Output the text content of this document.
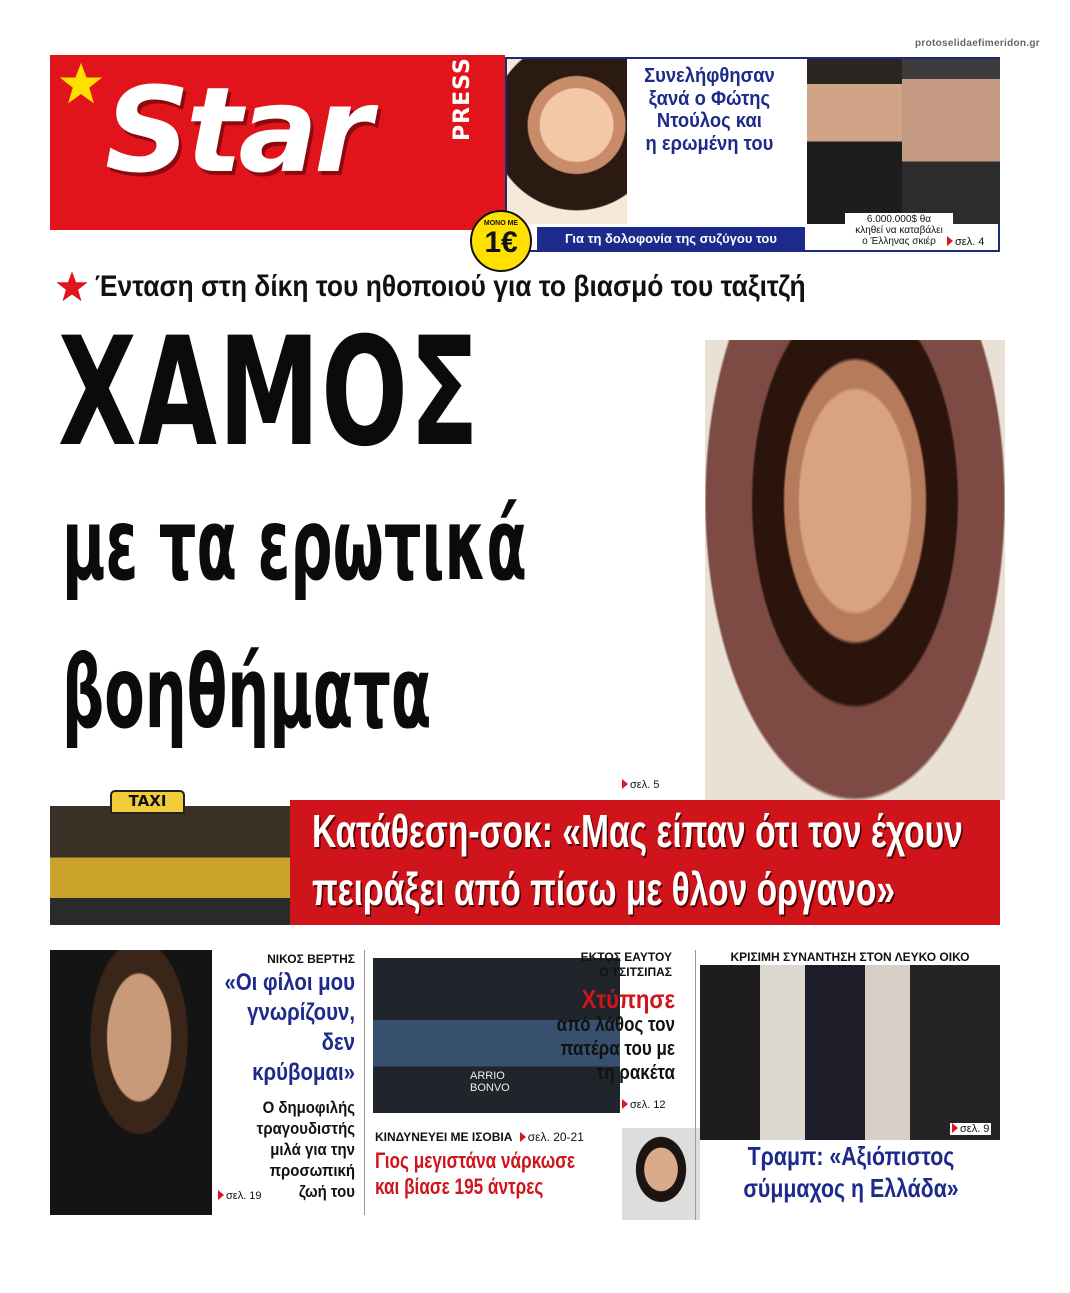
protoselidaefimeridon.gr
Star	PRESS
Τετάρτη 8 Ιανουαρίου 2020 Αρ. Φύλλου 1.639
Συνελήφθησαν
ξανά ο Φώτης
Ντούλος και
η ερωμένη του
6.000.000$ θα
κληθεί να καταβάλει
ο Έλληνας σκιέρ
Για τη δολοφονία της συζύγου του	σελ. 4
ΜΟΝΟ ΜΕ
1€
Ένταση στη δίκη του ηθοποιού για το βιασμό του ταξιτζή
ΧΑΜΟΣ
με τα ερωτικά
βοηθήματα
σελ. 5
TAXI
Κατάθεση-σοκ: «Μας είπαν ότι τον έχουν
πειράξει από πίσω με θλον όργανο»
ΝΙΚΟΣ ΒΕΡΤΗΣ
«Οι φίλοι μου
γνωρίζουν,
δεν κρύβομαι»
Ο δημοφιλής
τραγουδιστής
μιλά για την
προσωπική
ζωή του
σελ. 19
ARRIO BONVO
ΕΚΤΟΣ ΕΑΥΤΟΥ
Ο ΤΣΙΤΣΙΠΑΣ
Χτύπησε
από λάθος τον
πατέρα του με
τη ρακέτα
σελ. 12
ΚΙΝΔΥΝΕΥΕΙ ΜΕ ΙΣΟΒΙΑ σελ. 20-21
Γιος μεγιστάνα νάρκωσε
και βίασε 195 άντρες
ΚΡΙΣΙΜΗ ΣΥΝΑΝΤΗΣΗ ΣΤΟΝ ΛΕΥΚΟ ΟΙΚΟ
σελ. 9
Τραμπ: «Αξιόπιστος
σύμμαχος η Ελλάδα»
